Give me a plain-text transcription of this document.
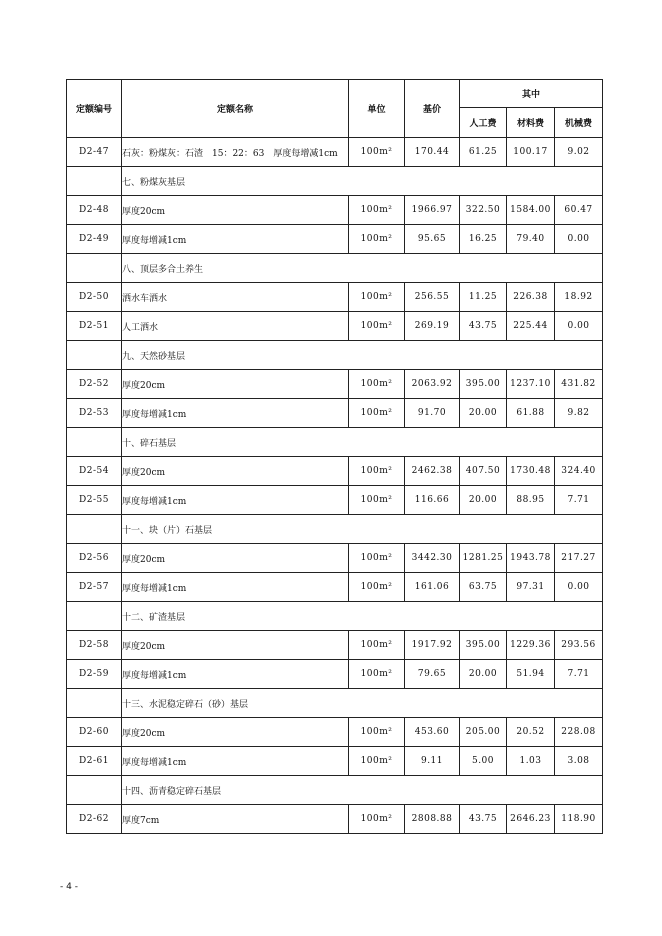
定额编号	定额名称	单位	基价	其中		
				人工费	材料费	机械费
D2-47	石灰：粉煤灰：石渣　15：22：63　厚度每增减1cm	100m²	170.44	61.25	100.17	9.02
	七、粉煤灰基层					
D2-48	厚度20cm	100m²	1966.97	322.50	1584.00	60.47
D2-49	厚度每增减1cm	100m²	95.65	16.25	79.40	0.00
	八、顶层多合土养生					
D2-50	洒水车洒水	100m²	256.55	11.25	226.38	18.92
D2-51	人工洒水	100m²	269.19	43.75	225.44	0.00
	九、天然砂基层					
D2-52	厚度20cm	100m²	2063.92	395.00	1237.10	431.82
D2-53	厚度每增减1cm	100m²	91.70	20.00	61.88	9.82
	十、碎石基层					
D2-54	厚度20cm	100m²	2462.38	407.50	1730.48	324.40
D2-55	厚度每增减1cm	100m²	116.66	20.00	88.95	7.71
	十一、块（片）石基层					
D2-56	厚度20cm	100m²	3442.30	1281.25	1943.78	217.27
D2-57	厚度每增减1cm	100m²	161.06	63.75	97.31	0.00
	十二、矿渣基层					
D2-58	厚度20cm	100m²	1917.92	395.00	1229.36	293.56
D2-59	厚度每增减1cm	100m²	79.65	20.00	51.94	7.71
	十三、水泥稳定碎石（砂）基层					
D2-60	厚度20cm	100m²	453.60	205.00	20.52	228.08
D2-61	厚度每增减1cm	100m²	9.11	5.00	1.03	3.08
	十四、沥青稳定碎石基层					
D2-62	厚度7cm	100m²	2808.88	43.75	2646.23	118.90
- 4 -
